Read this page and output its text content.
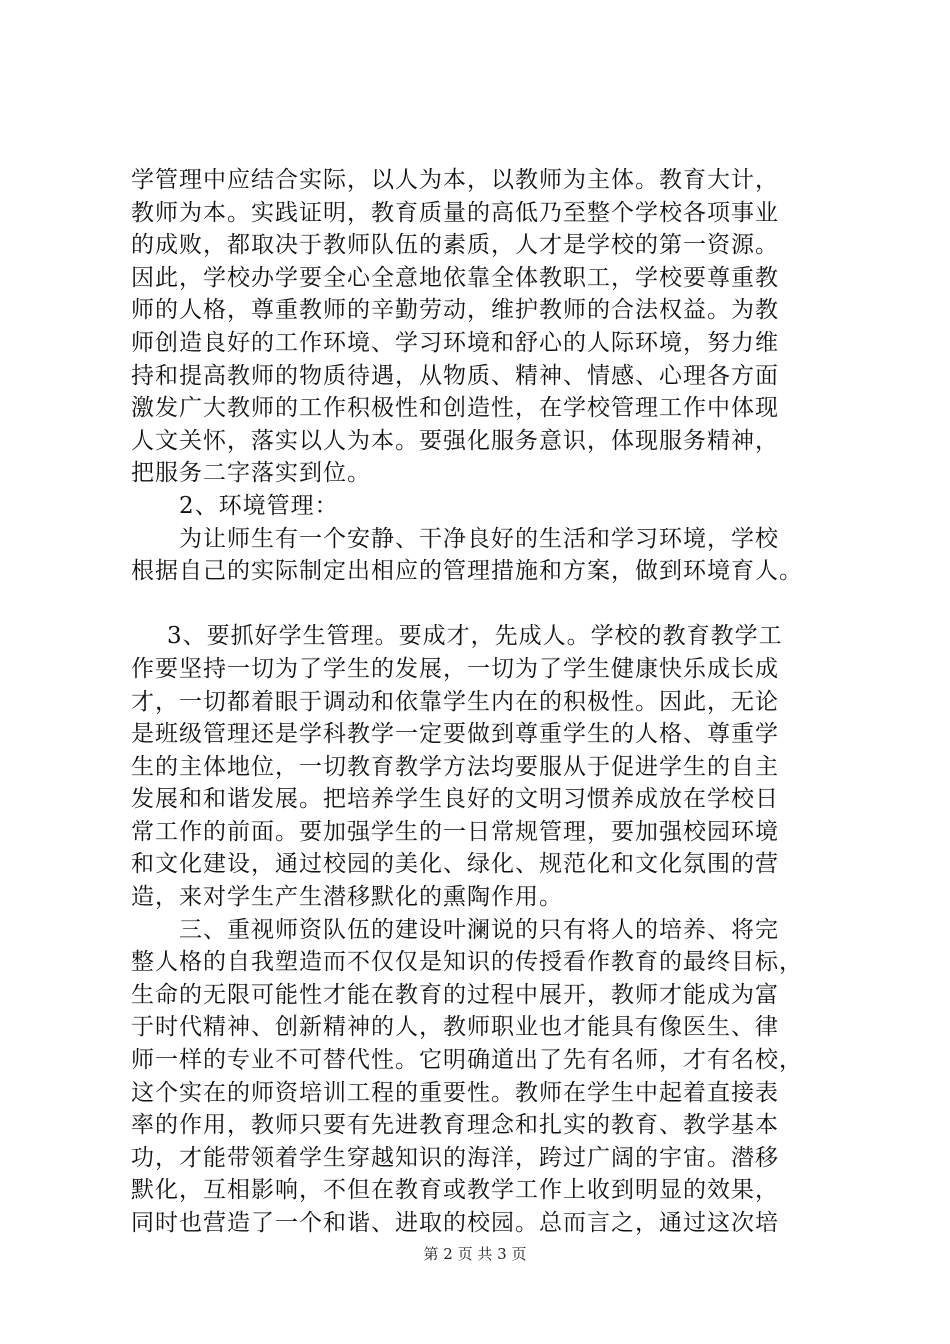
学管理中应结合实际，以人为本，以教师为主体。教育大计，
教师为本。实践证明，教育质量的高低乃至整个学校各项事业
的成败，都取决于教师队伍的素质，人才是学校的第一资源。
因此，学校办学要全心全意地依靠全体教职工，学校要尊重教
师的人格，尊重教师的辛勤劳动，维护教师的合法权益。为教
师创造良好的工作环境、学习环境和舒心的人际环境，努力维
持和提高教师的物质待遇，从物质、精神、情感、心理各方面
激发广大教师的工作积极性和创造性，在学校管理工作中体现
人文关怀，落实以人为本。要强化服务意识，体现服务精神，
把服务二字落实到位。
2、环境管理：
为让师生有一个安静、干净良好的生活和学习环境，学校
根据自己的实际制定出相应的管理措施和方案，做到环境育人。
3、要抓好学生管理。要成才，先成人。学校的教育教学工
作要坚持一切为了学生的发展，一切为了学生健康快乐成长成
才，一切都着眼于调动和依靠学生内在的积极性。因此，无论
是班级管理还是学科教学一定要做到尊重学生的人格、尊重学
生的主体地位，一切教育教学方法均要服从于促进学生的自主
发展和和谐发展。把培养学生良好的文明习惯养成放在学校日
常工作的前面。要加强学生的一日常规管理，要加强校园环境
和文化建设，通过校园的美化、绿化、规范化和文化氛围的营
造，来对学生产生潜移默化的熏陶作用。
三、重视师资队伍的建设叶澜说的只有将人的培养、将完
整人格的自我塑造而不仅仅是知识的传授看作教育的最终目标，
生命的无限可能性才能在教育的过程中展开，教师才能成为富
于时代精神、创新精神的人，教师职业也才能具有像医生、律
师一样的专业不可替代性。它明确道出了先有名师，才有名校，
这个实在的师资培训工程的重要性。教师在学生中起着直接表
率的作用，教师只要有先进教育理念和扎实的教育、教学基本
功，才能带领着学生穿越知识的海洋，跨过广阔的宇宙。潜移
默化，互相影响，不但在教育或教学工作上收到明显的效果，
同时也营造了一个和谐、进取的校园。总而言之，通过这次培
第 2 页 共 3 页
